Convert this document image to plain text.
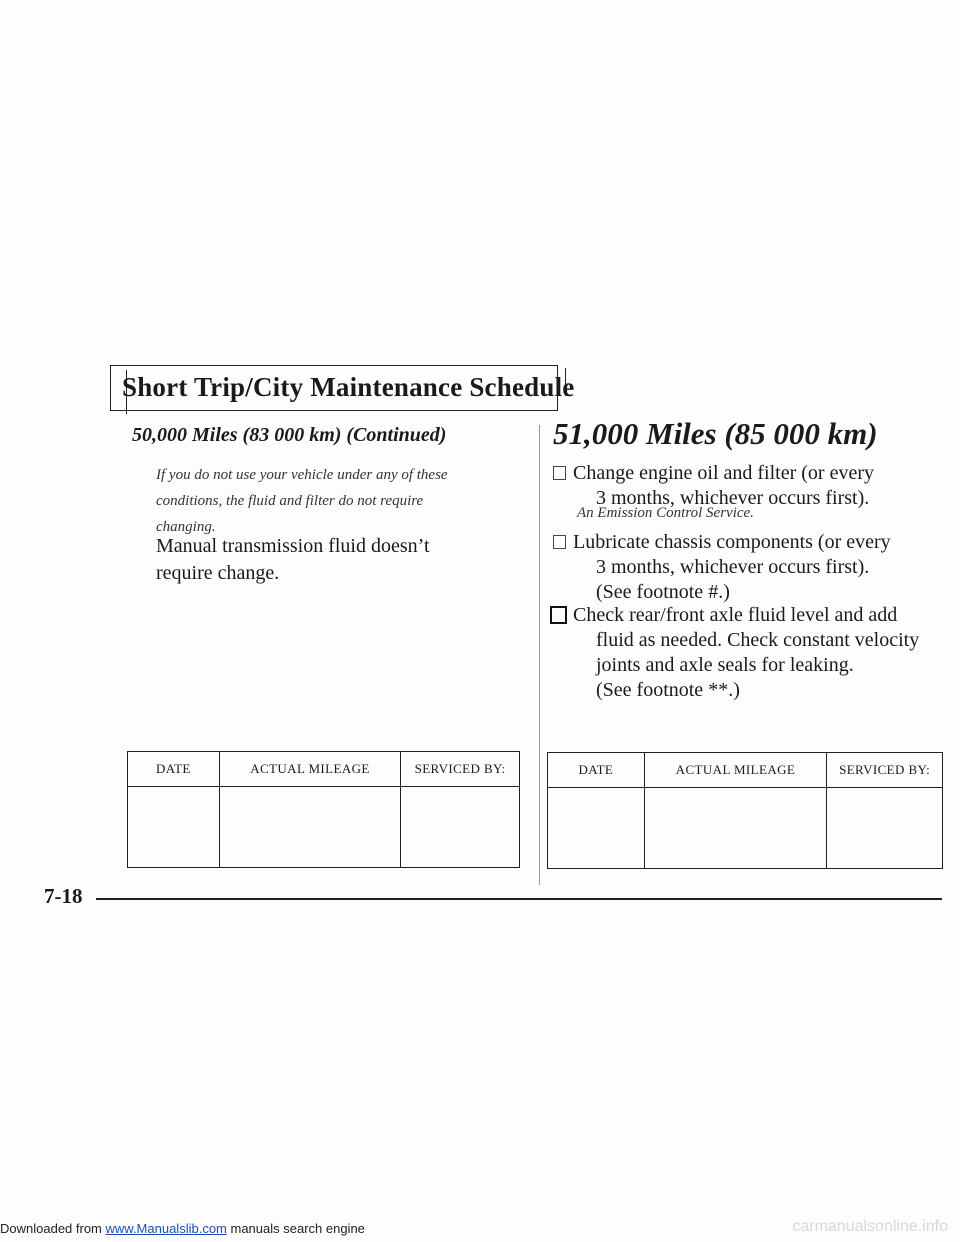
Short Trip/City Maintenance Schedule
50,000 Miles (83 000 km) (Continued)
If you do not use your vehicle under any of these conditions, the fluid and filter do not require changing.
Manual transmission fluid doesn’t
require change.
DATE	ACTUAL MILEAGE	SERVICED BY:

51,000 Miles (85 000 km)
Change engine oil and filter (or every
3 months, whichever occurs first).
An Emission Control Service.
Lubricate chassis components (or every
3 months, whichever occurs first).
(See footnote #.)
Check rear/front axle fluid level and add
fluid as needed. Check constant velocity
joints and axle seals for leaking.
(See footnote **.)
DATE	ACTUAL MILEAGE	SERVICED BY:

7-18
Downloaded from www.Manualslib.com manuals search engine	carmanualsonline.info
